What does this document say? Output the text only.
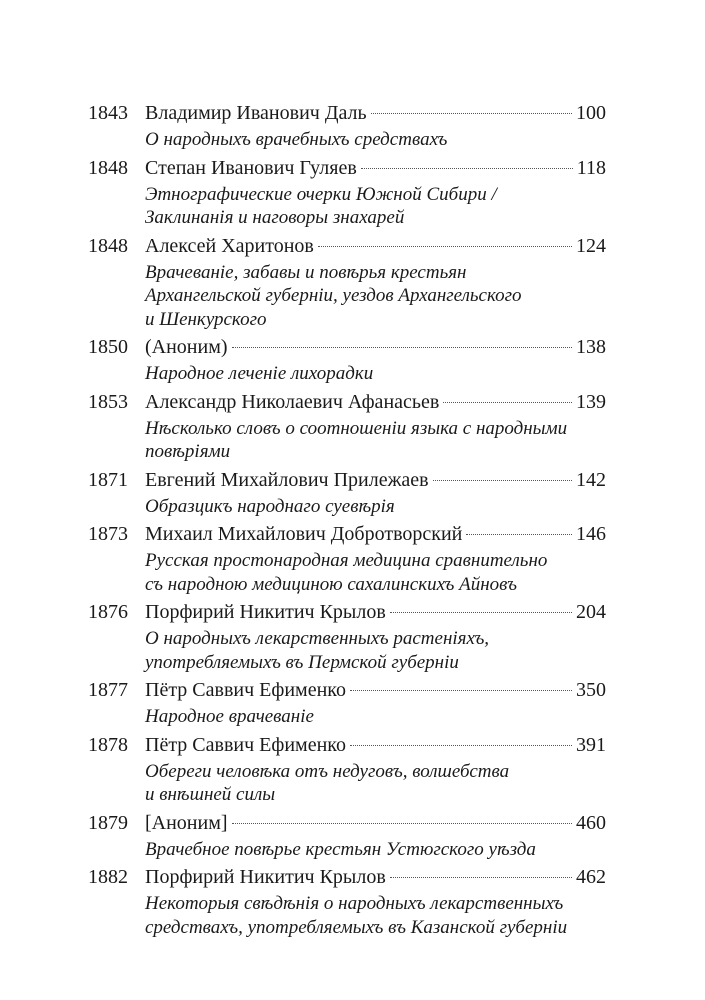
1843 Владимир Иванович Даль	100
О народныхъ врачебныхъ средствахъ
1848 Степан Иванович Гуляев	118
Этнографические очерки Южной Сибири /
Заклинанія и наговоры знахарей
1848 Алексей Харитонов	124
Врачеваніе, забавы и повѣрья крестьян
Архангельской губерніи, уездов Архангельского
и Шенкурского
1850 (Аноним)	138
Народное леченіе лихорадки
1853 Александр Николаевич Афанасьев	139
Нѣсколько словъ о соотношеніи языка с народными
повѣріями
1871 Евгений Михайлович Прилежаев	142
Образцикъ народнаго суевѣрія
1873 Михаил Михайлович Добротворский	146
Русская простонародная медицина сравнительно
съ народною медициною сахалинскихъ Айновъ
1876 Порфирий Никитич Крылов	204
О народныхъ лекарственныхъ растеніяхъ,
употребляемыхъ въ Пермской губерніи
1877 Пётр Саввич Ефименко	350
Народное врачеваніе
1878 Пётр Саввич Ефименко	391
Обереги человѣка отъ недуговъ, волшебства
и внѣшней силы
1879 [Аноним]	460
Врачебное повѣрье крестьян Устюгского уѣзда
1882 Порфирий Никитич Крылов	462
Некоторыя свѣдѣнія о народныхъ лекарственныхъ
средствахъ, употребляемыхъ въ Казанской губерніи
